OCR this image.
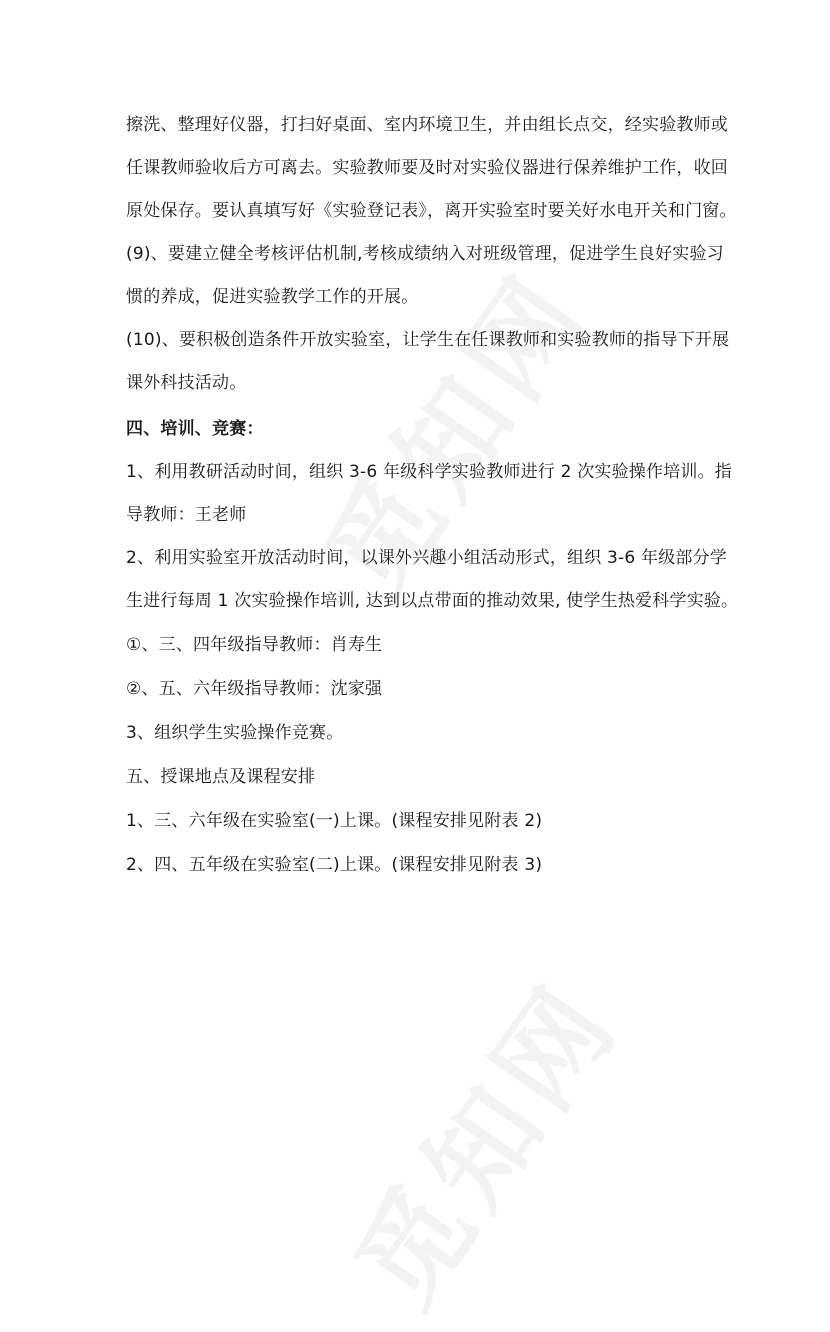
擦洗、整理好仪器，打扫好桌面、室内环境卫生，并由组长点交，经实验教师或
任课教师验收后方可离去。实验教师要及时对实验仪器进行保养维护工作，收回
原处保存。要认真填写好《实验登记表》，离开实验室时要关好水电开关和门窗。
(9)、要建立健全考核评估机制,考核成绩纳入对班级管理，促进学生良好实验习
惯的养成，促进实验教学工作的开展。
(10)、要积极创造条件开放实验室，让学生在任课教师和实验教师的指导下开展
课外科技活动。
四、培训、竞赛：
1、利用教研活动时间，组织 3-6 年级科学实验教师进行 2 次实验操作培训。指
导教师：王老师
2、利用实验室开放活动时间，以课外兴趣小组活动形式，组织 3-6 年级部分学
生进行每周 1 次实验操作培训, 达到以点带面的推动效果, 使学生热爱科学实验。
①、三、四年级指导教师：肖寿生
②、五、六年级指导教师：沈家强
3、组织学生实验操作竞赛。
五、授课地点及课程安排
1、三、六年级在实验室(一)上课。(课程安排见附表 2)
2、四、五年级在实验室(二)上课。(课程安排见附表 3)
